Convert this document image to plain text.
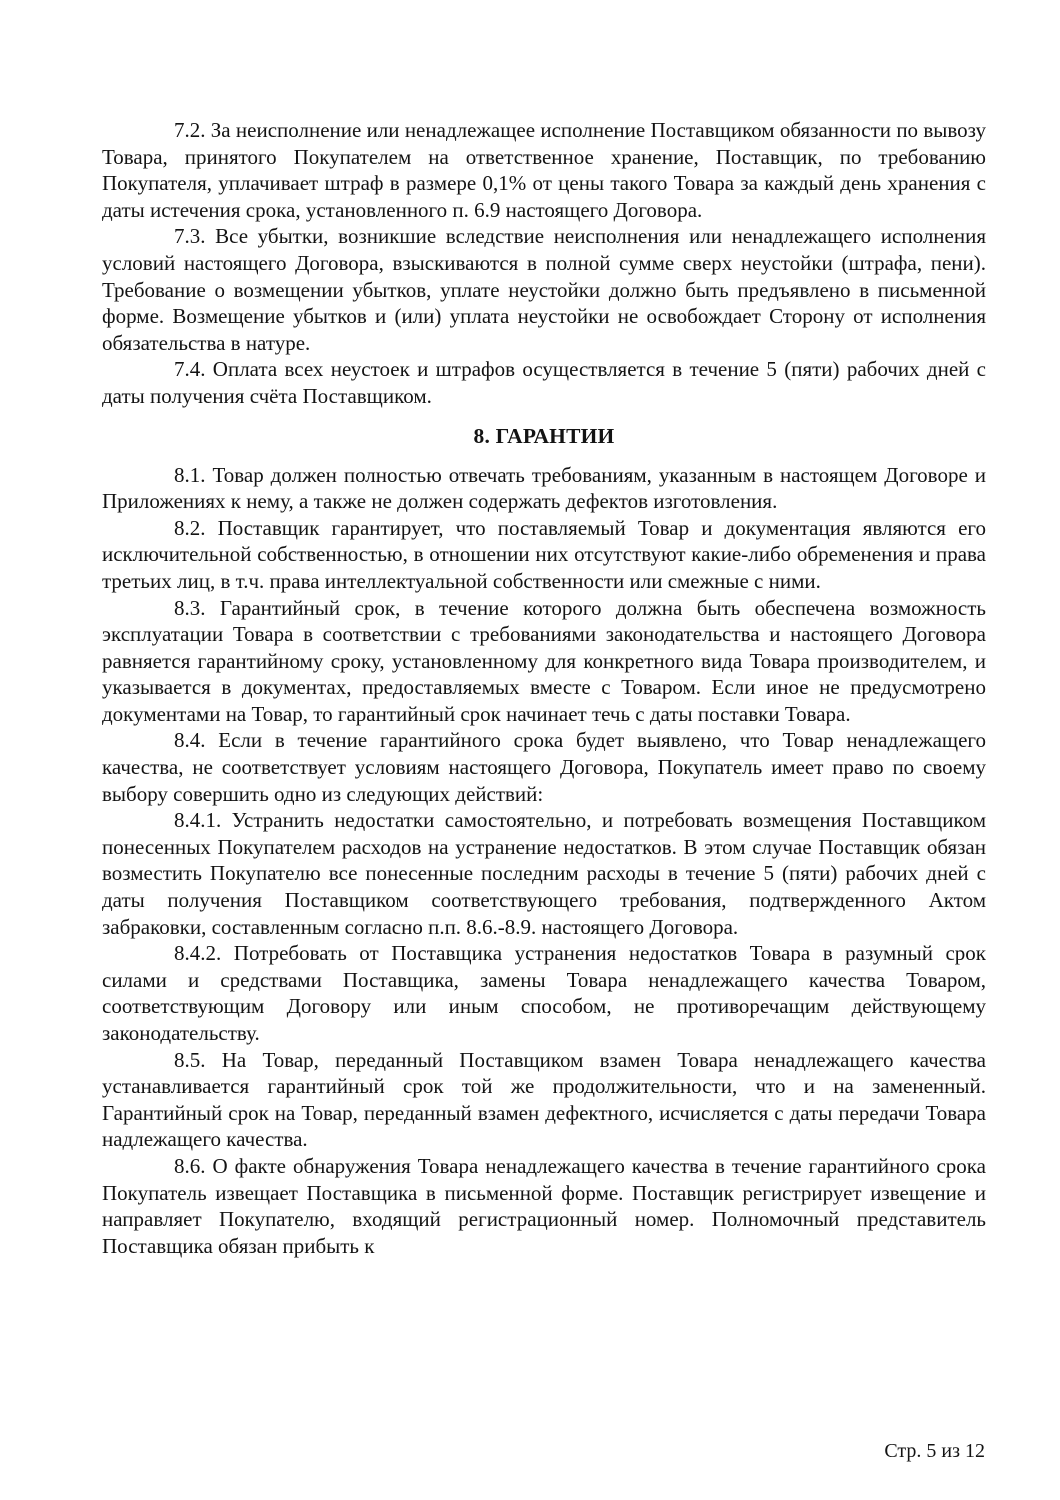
7.2. За неисполнение или ненадлежащее исполнение Поставщиком обязанности по вывозу Товара, принятого Покупателем на ответственное хранение, Поставщик, по требованию Покупателя, уплачивает штраф в размере 0,1% от цены такого Товара за каждый день хранения с даты истечения срока, установленного п. 6.9 настоящего Договора.

7.3. Все убытки, возникшие вследствие неисполнения или ненадлежащего исполнения условий настоящего Договора, взыскиваются в полной сумме сверх неустойки (штрафа, пени). Требование о возмещении убытков, уплате неустойки должно быть предъявлено в письменной форме. Возмещение убытков и (или) уплата неустойки не освобождает Сторону от исполнения обязательства в натуре.

7.4. Оплата всех неустоек и штрафов осуществляется в течение 5 (пяти) рабочих дней с даты получения счёта Поставщиком.

8. ГАРАНТИИ

8.1. Товар должен полностью отвечать требованиям, указанным в настоящем Договоре и Приложениях к нему, а также не должен содержать дефектов изготовления.

8.2. Поставщик гарантирует, что поставляемый Товар и документация являются его исключительной собственностью, в отношении них отсутствуют какие-либо обременения и права третьих лиц, в т.ч. права интеллектуальной собственности или смежные с ними.

8.3. Гарантийный срок, в течение которого должна быть обеспечена возможность эксплуатации Товара в соответствии с требованиями законодательства и настоящего Договора равняется гарантийному сроку, установленному для конкретного вида Товара производителем, и указывается в документах, предоставляемых вместе с Товаром. Если иное не предусмотрено документами на Товар, то гарантийный срок начинает течь с даты поставки Товара.

8.4. Если в течение гарантийного срока будет выявлено, что Товар ненадлежащего качества, не соответствует условиям настоящего Договора, Покупатель имеет право по своему выбору совершить одно из следующих действий:

8.4.1. Устранить недостатки самостоятельно, и потребовать возмещения Поставщиком понесенных Покупателем расходов на устранение недостатков. В этом случае Поставщик обязан возместить Покупателю все понесенные последним расходы в течение 5 (пяти) рабочих дней с даты получения Поставщиком соответствующего требования, подтвержденного Актом забраковки, составленным согласно п.п. 8.6.-8.9. настоящего Договора.

8.4.2. Потребовать от Поставщика устранения недостатков Товара в разумный срок силами и средствами Поставщика, замены Товара ненадлежащего качества Товаром, соответствующим Договору или иным способом, не противоречащим действующему законодательству.

8.5. На Товар, переданный Поставщиком взамен Товара ненадлежащего качества устанавливается гарантийный срок той же продолжительности, что и на замененный. Гарантийный срок на Товар, переданный взамен дефектного, исчисляется с даты передачи Товара надлежащего качества.

8.6. О факте обнаружения Товара ненадлежащего качества в течение гарантийного срока Покупатель извещает Поставщика в письменной форме. Поставщик регистрирует извещение и направляет Покупателю, входящий регистрационный номер. Полномочный представитель Поставщика обязан прибыть к

Стр. 5 из 12
